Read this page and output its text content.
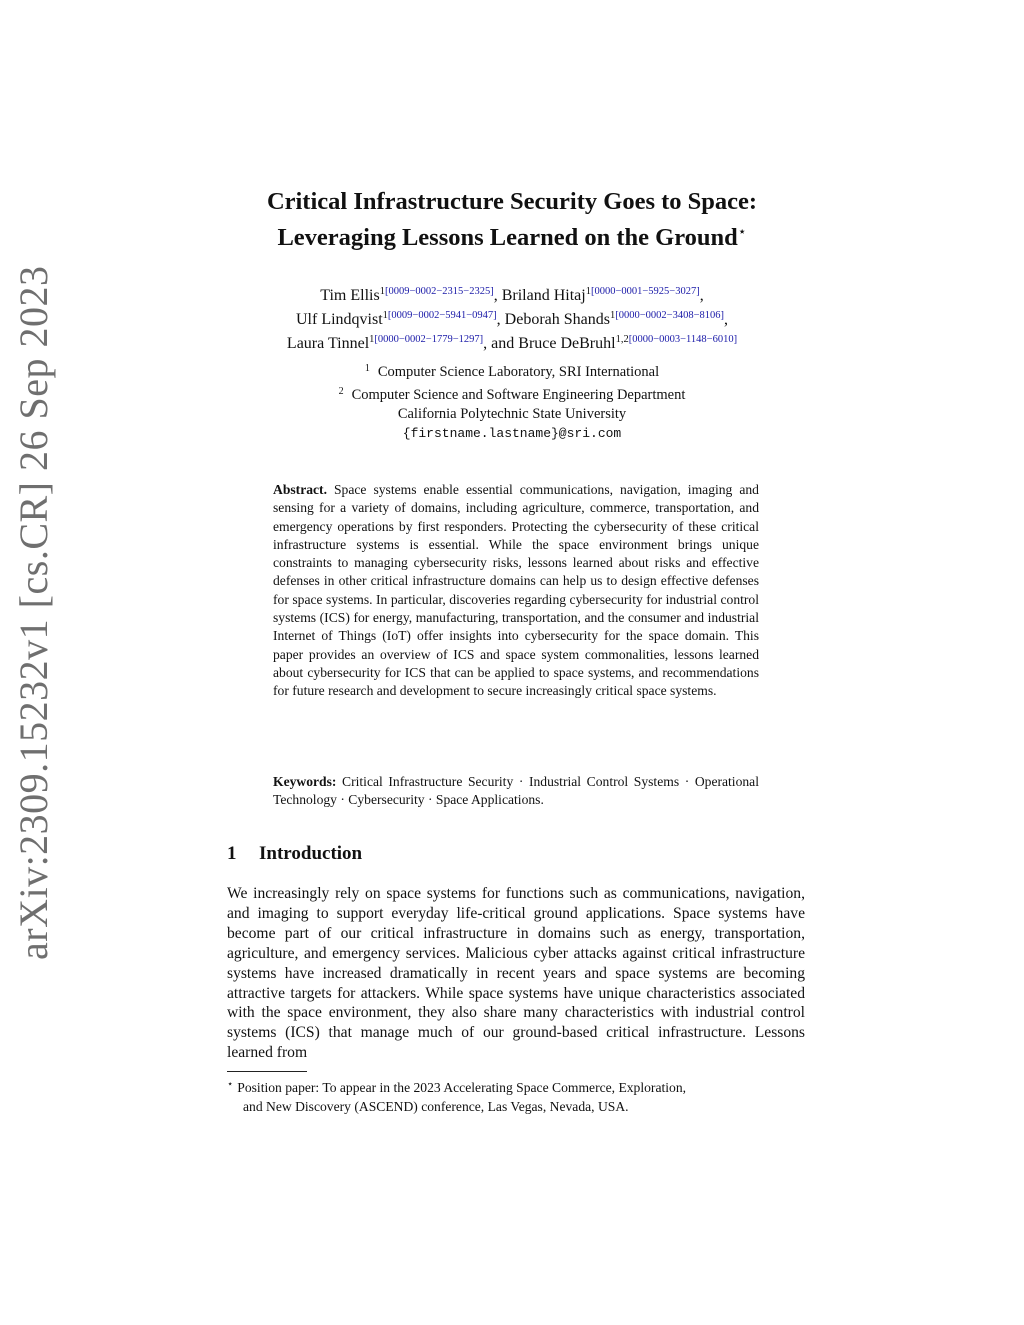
arXiv:2309.15232v1 [cs.CR] 26 Sep 2023
Critical Infrastructure Security Goes to Space:
Leveraging Lessons Learned on the Ground⋆
Tim Ellis$^{1[0009-0002-2315-2325]}$, Briland Hitaj$^{1[0000-0001-5925-3027]}$,
Ulf Lindqvist$^{1[0009-0002-5941-0947]}$, Deborah Shands$^{1[0000-0002-3408-8106]}$,
Laura Tinnel$^{1[0000-0002-1779-1297]}$, and Bruce DeBruhl$^{1,2[0000-0003-1148-6010]}$
$^1$ Computer Science Laboratory, SRI International
$^2$ Computer Science and Software Engineering Department
California Polytechnic State University
{firstname.lastname}@sri.com
Abstract. Space systems enable essential communications, navigation, imaging and sensing for a variety of domains, including agriculture, commerce, transportation, and emergency operations by first responders. Protecting the cybersecurity of these critical infrastructure systems is essential. While the space environment brings unique constraints to managing cybersecurity risks, lessons learned about risks and effective defenses in other critical infrastructure domains can help us to design effective defenses for space systems. In particular, discoveries regarding cybersecurity for industrial control systems (ICS) for energy, manufacturing, transportation, and the consumer and industrial Internet of Things (IoT) offer insights into cybersecurity for the space domain. This paper provides an overview of ICS and space system commonalities, lessons learned about cybersecurity for ICS that can be applied to space systems, and recommendations for future research and development to secure increasingly critical space systems.
Keywords: Critical Infrastructure Security · Industrial Control Systems · Operational Technology · Cybersecurity · Space Applications.
1 Introduction
We increasingly rely on space systems for functions such as communications, navigation, and imaging to support everyday life-critical ground applications. Space systems have become part of our critical infrastructure in domains such as energy, transportation, agriculture, and emergency services. Malicious cyber attacks against critical infrastructure systems have increased dramatically in recent years and space systems are becoming attractive targets for attackers. While space systems have unique characteristics associated with the space environment, they also share many characteristics with industrial control systems (ICS) that manage much of our ground-based critical infrastructure. Lessons learned from
⋆ Position paper: To appear in the 2023 Accelerating Space Commerce, Exploration,
and New Discovery (ASCEND) conference, Las Vegas, Nevada, USA.
